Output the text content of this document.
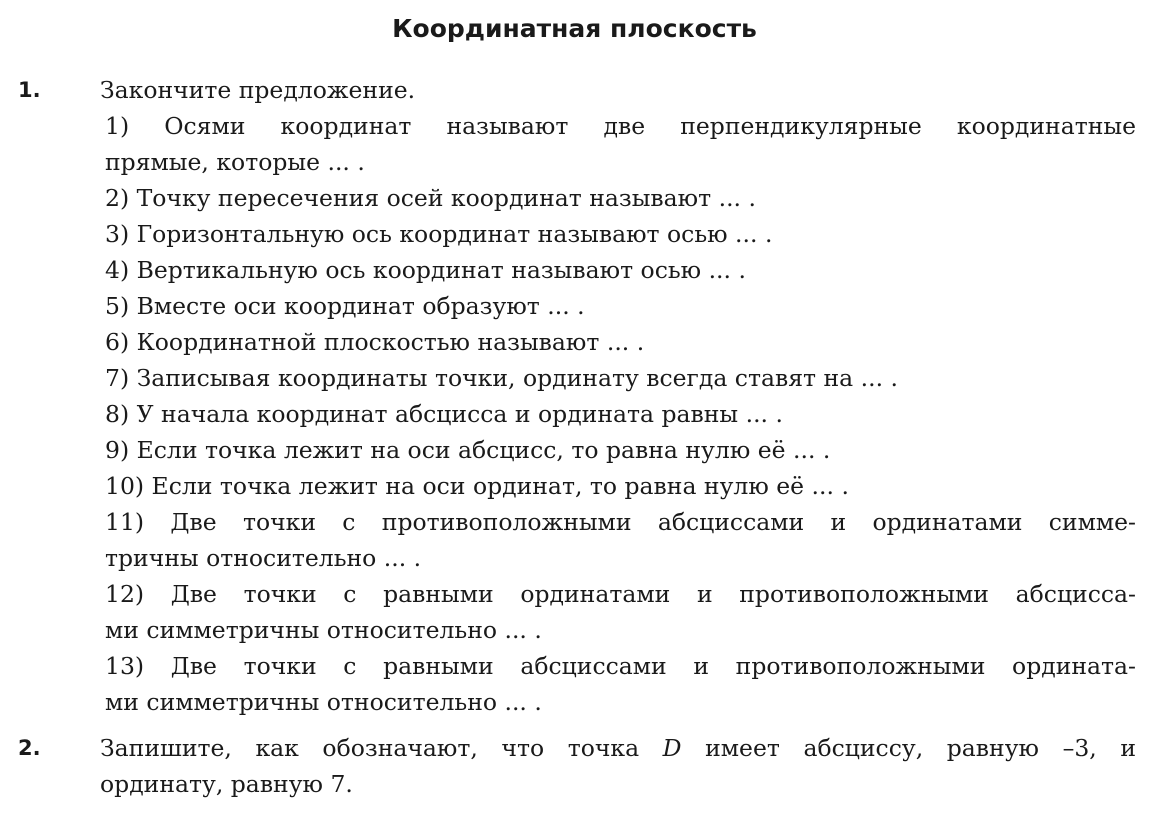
Координатная плоскость
1.	Закончите предложение.
1) Осями координат называют две перпендикулярные координатные
прямые, которые ... .
2) Точку пересечения осей координат называют ... .
3) Горизонтальную ось координат называют осью ... .
4) Вертикальную ось координат называют осью ... .
5) Вместе оси координат образуют ... .
6) Координатной плоскостью называют ... .
7) Записывая координаты точки, ординату всегда ставят на ... .
8) У начала координат абсцисса и ордината равны ... .
9) Если точка лежит на оси абсцисс, то равна нулю её ... .
10) Если точка лежит на оси ординат, то равна нулю её ... .
11) Две точки с противоположными абсциссами и ординатами симме-
тричны относительно ... .
12) Две точки с равными ординатами и противоположными абсцисса-
ми симметричны относительно ... .
13) Две точки с равными абсциссами и противоположными ордината-
ми симметричны относительно ... .
2.	Запишите, как обозначают, что точка D имеет абсциссу, равную –3, и
ординату, равную 7.
